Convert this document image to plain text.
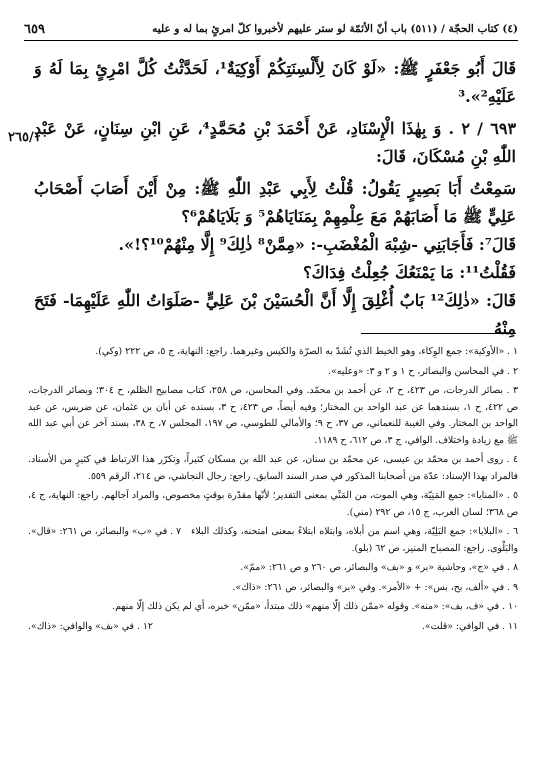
(٤) كتاب الحجّة / (٥١١) باب أنّ الأئمّة لو ستر عليهم لأخبروا كلّ امرئٍ بما له و عليه
٦٥٩
٢٦٥/١

قَالَ أَبُو جَعْفَرٍ ﷺ: «لَوْ كَانَ لِأَلْسِنَتِكُمْ أَوْكِيَةٌ¹، لَحَدَّثْتُ كُلَّ امْرِئٍ بِمَا لَهُ وَ عَلَيْهِ²».³

٦٩٣ / ٢ . وَ بِهٰذَا الْإِسْنَادِ، عَنْ أَحْمَدَ بْنِ مُحَمَّدٍ⁴، عَنِ ابْنِ سِنَانٍ، عَنْ عَبْدِ اللّٰهِ بْنِ مُسْكَانَ، قَالَ:

سَمِعْتُ أَبَا بَصِيرٍ يَقُولُ: قُلْتُ لِأَبِي عَبْدِ اللّٰهِ ﷺ: مِنْ أَيْنَ أَصَابَ أَصْحَابُ عَلِيٍّ ﷺ مَا أَصَابَهُمْ مَعَ عِلْمِهِمْ بِمَنَايَاهُمْ⁵ وَ بَلَايَاهُمْ⁶؟

قَالَ⁷: فَأَجَابَنِي -شِبْهَ الْمُغْضَبِ-: «مِمَّنْ⁸ ذٰلِكَ⁹ إِلَّا مِنْهُمْ¹⁰؟!».

فَقُلْتُ¹¹: مَا يَمْنَعُكَ جُعِلْتُ فِدَاكَ؟

قَالَ: «ذٰلِكَ¹² بَابٌ أُغْلِقَ إِلَّا أَنَّ الْحُسَيْنَ بْنَ عَلِيٍّ -صَلَوَاتُ اللّٰهِ عَلَيْهِمَا- فَتَحَ مِنْهُ

١ . «الأوكية»: جمع الوِكاء، وهو الخيط الذي تُشَدّ به الصرّة والكيس وغيرهما. راجع: النهاية، ج ٥، ص ٢٢٢ (وكي).

٢ . في المحاسن والبصائر، ح ١ و ٢ و ٣: «وعليه».

٣ . بصائر الدرجات، ص ٤٢٣، ح ٢، عن أحمد بن محمّد. وفي المحاسن، ص ٢٥٨، كتاب مصابيح الظلم، ح ٣٠٤؛ وبصائر الدرجات، ص ٤٢٢، ح ١، بسندهما عن عبد الواحد بن المختار؛ وفيه أيضاً، ص ٤٢٣، ح ٣، بسنده عن أبان بن عثمان، عن ضريس، عن عبد الواحد بن المختار. وفي الغيبة للنعماني، ص ٣٧، ح ٩؛ والأمالي للطوسي، ص ١٩٧، المجلس ٧، ح ٣٨، بسند آخر عن أبي عبد الله ﷺ مع زيادة واختلاف. الوافي، ج ٣، ص ٦١٢، ح ١١٨٩.

٤ . روى أحمد بن محمّد بن عيسى، عن محمّد بن سنان، عن عبد الله بن مسكان كثيراً، وتكرّر هذا الارتباط في كثيرٍ من الأسناد. فالمراد بهذا الإسناد: عدّة من أصحابنا المذكور في صدر السند السابق. راجع: رجال النجاشي، ص ٢١٤، الرقم ٥٥٩.

٥ . «المنايا»: جمع المَنِيّة، وهي الموت، من المَنْي بمعنى التقدير؛ لأنّها مقدّرة بوقتٍ مخصوص، والمراد آجالهم. راجع: النهاية، ج ٤، ص ٣٦٨؛ لسان العرب، ج ١٥، ص ٢٩٢ (مني).

٦ . «البلايا»: جمع البَلِيّة، وهي اسم من أبلاه، وابتلاه ابتلاءً بمعنى امتحنه، وكذلك البلاء والبَلْوى. راجع: المصباح المنير، ص ٦٢ (بلو).

٧ . في «ب» والبصائر، ص ٢٦١: «قال».

٨ . في «ج»، وحاشية «بر» و «بف» والبصائر، ص ٢٦٠ و ص ٢٦١: «ممّ».

٩ . في «ألف، بح، بس»: + «الأمر». وفي «بر» والبصائر، ص ٢٦١: «ذاك».

١٠ . في «ف، بف»: «منه». وقوله «ممّن ذلك إلّا منهم» ذلك مبتدأ، «ممّن» خبره، أي لم يكن ذلك إلّا منهم.

١١ . في الوافي: «قلت».

١٢ . في «بف» والوافي: «ذاك».
